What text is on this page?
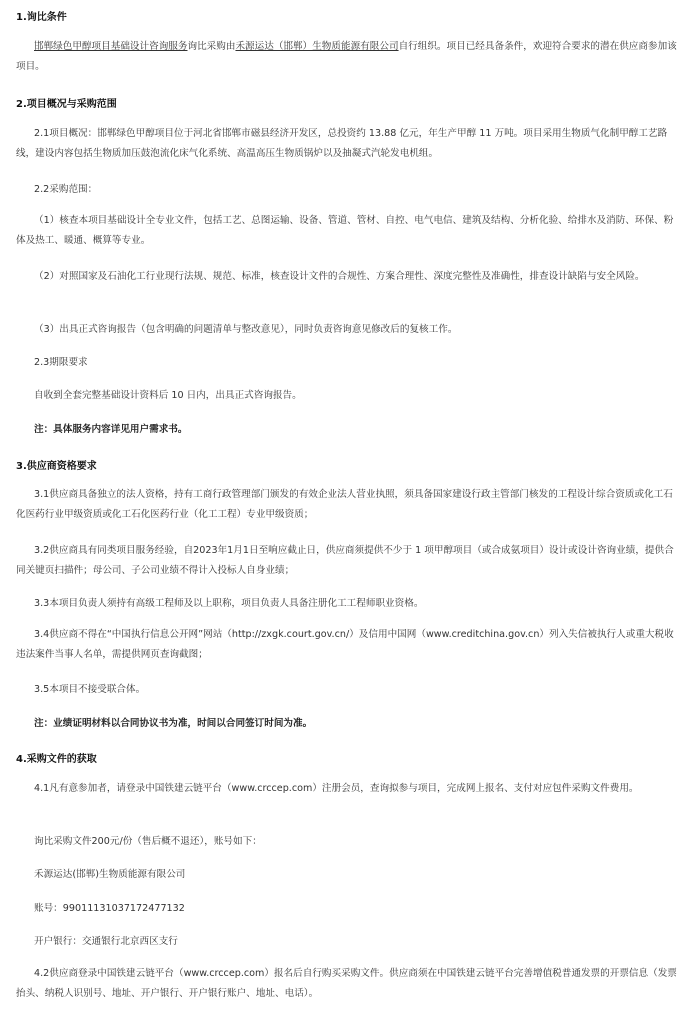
1.询比条件
邯郸绿色甲醇项目基础设计咨询服务询比采购由禾源运达（邯郸）生物质能源有限公司自行组织。项目已经具备条件，欢迎符合要求的潜在供应商参加该项目。
2.项目概况与采购范围
2.1项目概况：邯郸绿色甲醇项目位于河北省邯郸市磁县经济开发区，总投资约 13.88 亿元，年生产甲醇 11 万吨。项目采用生物质气化制甲醇工艺路线，建设内容包括生物质加压鼓泡流化床气化系统、高温高压生物质锅炉以及抽凝式汽轮发电机组。
2.2采购范围：
（1）核查本项目基础设计全专业文件，包括工艺、总图运输、设备、管道、管材、自控、电气电信、建筑及结构、分析化验、给排水及消防、环保、粉体及热工、暖通、概算等专业。
（2）对照国家及石油化工行业现行法规、规范、标准，核查设计文件的合规性、方案合理性、深度完整性及准确性，排查设计缺陷与安全风险。
（3）出具正式咨询报告（包含明确的问题清单与整改意见），同时负责咨询意见修改后的复核工作。
2.3期限要求
自收到全套完整基础设计资料后 10 日内，出具正式咨询报告。
注：具体服务内容详见用户需求书。
3.供应商资格要求
3.1供应商具备独立的法人资格，持有工商行政管理部门颁发的有效企业法人营业执照，须具备国家建设行政主管部门核发的工程设计综合资质或化工石化医药行业甲级资质或化工石化医药行业（化工工程）专业甲级资质；
3.2供应商具有同类项目服务经验，自2023年1月1日至响应截止日，供应商须提供不少于 1 项甲醇项目（或合成氨项目）设计或设计咨询业绩，提供合同关键页扫描件；母公司、子公司业绩不得计入投标人自身业绩；
3.3本项目负责人须持有高级工程师及以上职称，项目负责人具备注册化工工程师职业资格。
3.4供应商不得在“中国执行信息公开网”网站（http://zxgk.court.gov.cn/）及信用中国网（www.creditchina.gov.cn）列入失信被执行人或重大税收违法案件当事人名单，需提供网页查询截图；
3.5本项目不接受联合体。
注：业绩证明材料以合同协议书为准，时间以合同签订时间为准。
4.采购文件的获取
4.1凡有意参加者，请登录中国铁建云链平台（www.crccep.com）注册会员，查询拟参与项目，完成网上报名、支付对应包件采购文件费用。
询比采购文件200元/份（售后概不退还），账号如下：
禾源运达(邯郸)生物质能源有限公司
账号：99011131037172477132
开户银行：交通银行北京西区支行
4.2供应商登录中国铁建云链平台（www.crccep.com）报名后自行购买采购文件。供应商须在中国铁建云链平台完善增值税普通发票的开票信息（发票抬头、纳税人识别号、地址、开户银行、开户银行账户、地址、电话）。
